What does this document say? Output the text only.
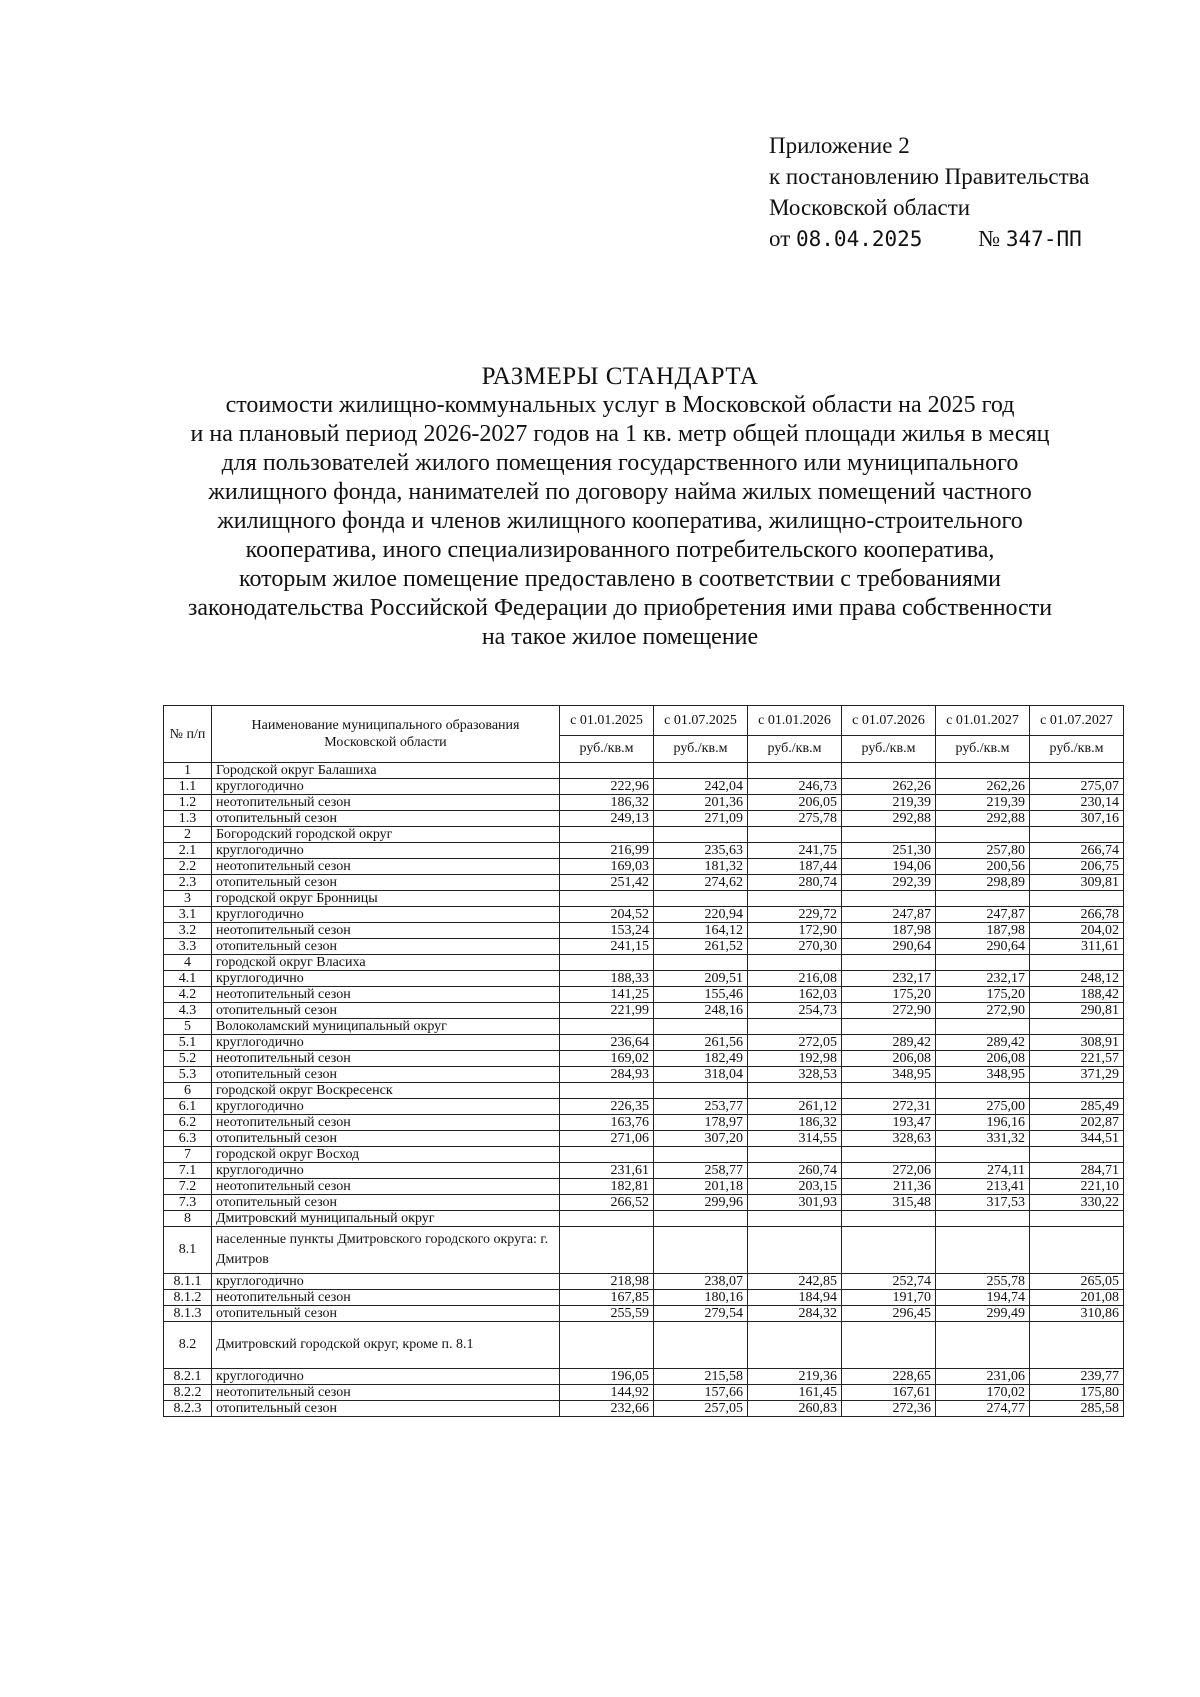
Приложение 2
к постановлению Правительства
Московской области
от 08.04.2025 № 347-ПП
РАЗМЕРЫ СТАНДАРТА
стоимости жилищно-коммунальных услуг в Московской области на 2025 год
и на плановый период 2026-2027 годов на 1 кв. метр общей площади жилья в месяц
для пользователей жилого помещения государственного или муниципального
жилищного фонда, нанимателей по договору найма жилых помещений частного
жилищного фонда и членов жилищного кооператива, жилищно-строительного
кооператива, иного специализированного потребительского кооператива,
которым жилое помещение предоставлено в соответствии с требованиями
законодательства Российской Федерации до приобретения ими права собственности
на такое жилое помещение
№ п/п	Наименование муниципального образования Московской области	с 01.01.2025	с 01.07.2025	с 01.01.2026	с 01.07.2026	с 01.01.2027	с 01.07.2027
		руб./кв.м	руб./кв.м	руб./кв.м	руб./кв.м	руб./кв.м	руб./кв.м
1	Городской округ Балашиха						
1.1	круглогодично	222,96	242,04	246,73	262,26	262,26	275,07
1.2	неотопительный сезон	186,32	201,36	206,05	219,39	219,39	230,14
1.3	отопительный сезон	249,13	271,09	275,78	292,88	292,88	307,16
2	Богородский городской округ						
2.1	круглогодично	216,99	235,63	241,75	251,30	257,80	266,74
2.2	неотопительный сезон	169,03	181,32	187,44	194,06	200,56	206,75
2.3	отопительный сезон	251,42	274,62	280,74	292,39	298,89	309,81
3	городской округ Бронницы						
3.1	круглогодично	204,52	220,94	229,72	247,87	247,87	266,78
3.2	неотопительный сезон	153,24	164,12	172,90	187,98	187,98	204,02
3.3	отопительный сезон	241,15	261,52	270,30	290,64	290,64	311,61
4	городской округ Власиха						
4.1	круглогодично	188,33	209,51	216,08	232,17	232,17	248,12
4.2	неотопительный сезон	141,25	155,46	162,03	175,20	175,20	188,42
4.3	отопительный сезон	221,99	248,16	254,73	272,90	272,90	290,81
5	Волоколамский муниципальный округ						
5.1	круглогодично	236,64	261,56	272,05	289,42	289,42	308,91
5.2	неотопительный сезон	169,02	182,49	192,98	206,08	206,08	221,57
5.3	отопительный сезон	284,93	318,04	328,53	348,95	348,95	371,29
6	городской округ Воскресенск						
6.1	круглогодично	226,35	253,77	261,12	272,31	275,00	285,49
6.2	неотопительный сезон	163,76	178,97	186,32	193,47	196,16	202,87
6.3	отопительный сезон	271,06	307,20	314,55	328,63	331,32	344,51
7	городской округ Восход						
7.1	круглогодично	231,61	258,77	260,74	272,06	274,11	284,71
7.2	неотопительный сезон	182,81	201,18	203,15	211,36	213,41	221,10
7.3	отопительный сезон	266,52	299,96	301,93	315,48	317,53	330,22
8	Дмитровский муниципальный округ						
8.1	населенные пункты Дмитровского городского округа: г. Дмитров						
8.1.1	круглогодично	218,98	238,07	242,85	252,74	255,78	265,05
8.1.2	неотопительный сезон	167,85	180,16	184,94	191,70	194,74	201,08
8.1.3	отопительный сезон	255,59	279,54	284,32	296,45	299,49	310,86
8.2	Дмитровский городской округ, кроме п. 8.1						
8.2.1	круглогодично	196,05	215,58	219,36	228,65	231,06	239,77
8.2.2	неотопительный сезон	144,92	157,66	161,45	167,61	170,02	175,80
8.2.3	отопительный сезон	232,66	257,05	260,83	272,36	274,77	285,58
